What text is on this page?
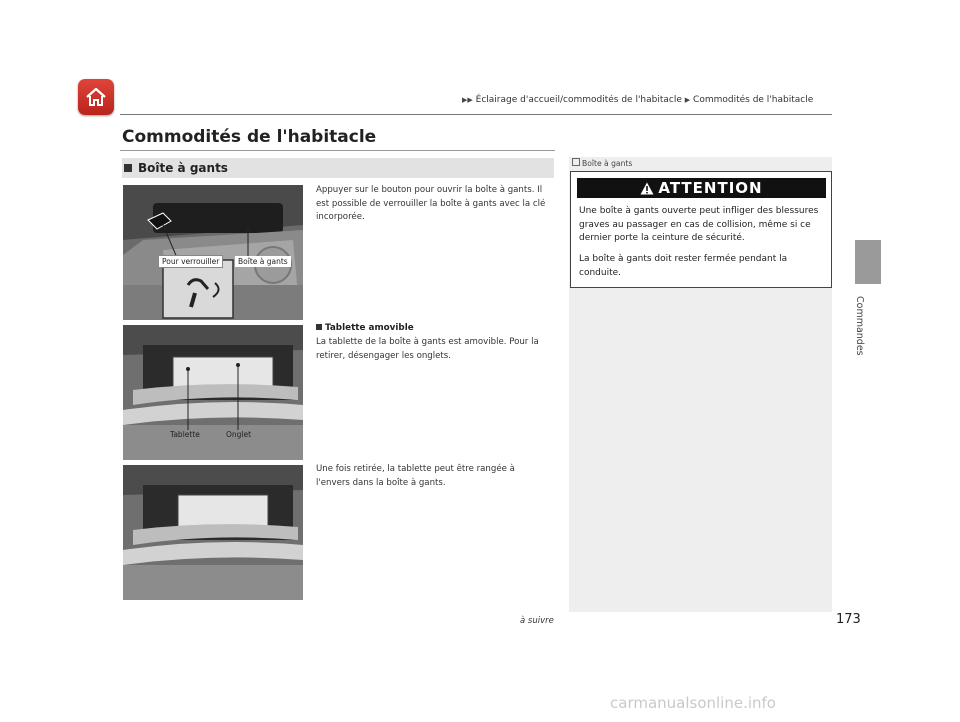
▶▶ Éclairage d'accueil/commodités de l'habitacle ▶ Commodités de l'habitacle
Commodités de l'habitacle
Boîte à gants
Pour verrouiller	Boîte à gants
Tablette	Onglet
Appuyer sur le bouton pour ouvrir la boîte à gants. Il est possible de verrouiller la boîte à gants avec la clé incorporée.
Tablette amovible
La tablette de la boîte à gants est amovible. Pour la retirer, désengager les onglets.
Une fois retirée, la tablette peut être rangée à l'envers dans la boîte à gants.
Boîte à gants
ATTENTION
Une boîte à gants ouverte peut infliger des blessures graves au passager en cas de collision, même si ce dernier porte la ceinture de sécurité.
La boîte à gants doit rester fermée pendant la conduite.
Commandes
à suivre	173
carmanualsonline.info
